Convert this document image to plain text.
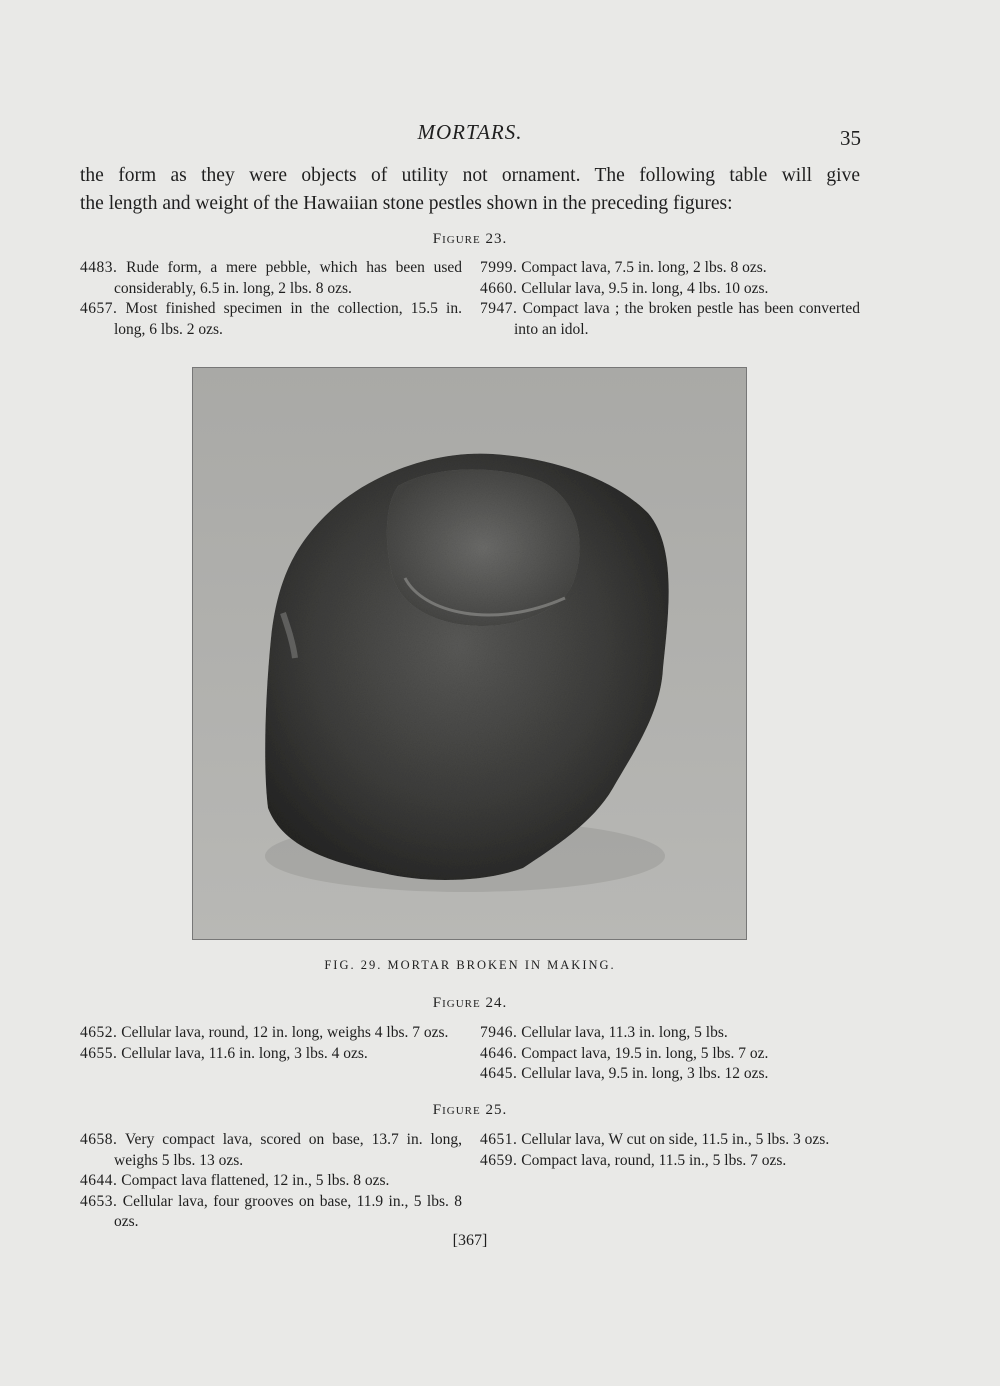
MORTARS.	35
the form as they were objects of utility not ornament. The following table will give
the length and weight of the Hawaiian stone pestles shown in the preceding figures:
Figure 23.
4483. Rude form, a mere pebble, which has been used considerably, 6.5 in. long, 2 lbs. 8 ozs.
4657. Most finished specimen in the collection, 15.5 in. long, 6 lbs. 2 ozs.
7999. Compact lava, 7.5 in. long, 2 lbs. 8 ozs.
4660. Cellular lava, 9.5 in. long, 4 lbs. 10 ozs.
7947. Compact lava ; the broken pestle has been converted into an idol.
FIG. 29. MORTAR BROKEN IN MAKING.
Figure 24.
4652. Cellular lava, round, 12 in. long, weighs 4 lbs. 7 ozs.
4655. Cellular lava, 11.6 in. long, 3 lbs. 4 ozs.
7946. Cellular lava, 11.3 in. long, 5 lbs.
4646. Compact lava, 19.5 in. long, 5 lbs. 7 oz.
4645. Cellular lava, 9.5 in. long, 3 lbs. 12 ozs.
Figure 25.
4658. Very compact lava, scored on base, 13.7 in. long, weighs 5 lbs. 13 ozs.
4644. Compact lava flattened, 12 in., 5 lbs. 8 ozs.
4653. Cellular lava, four grooves on base, 11.9 in., 5 lbs. 8 ozs.
4651. Cellular lava, W cut on side, 11.5 in., 5 lbs. 3 ozs.
4659. Compact lava, round, 11.5 in., 5 lbs. 7 ozs.
[367]
